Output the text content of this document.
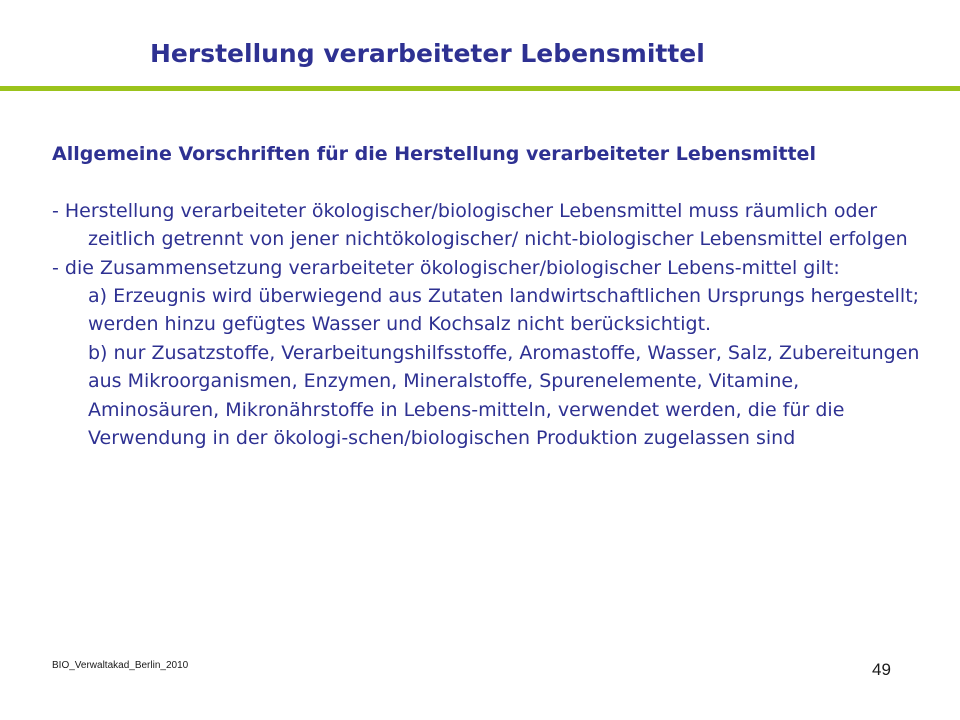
Herstellung verarbeiteter Lebensmittel

Allgemeine Vorschriften für die Herstellung verarbeiteter Lebensmittel

- Herstellung verarbeiteter ökologischer/biologischer Lebensmittel muss räumlich oder zeitlich getrennt von jener nichtökologischer/ nicht-biologischer Lebensmittel erfolgen

- die Zusammensetzung verarbeiteter ökologischer/biologischer Lebens-mittel gilt:

a) Erzeugnis wird überwiegend aus Zutaten landwirtschaftlichen Ursprungs hergestellt; werden hinzu gefügtes Wasser und Kochsalz nicht berücksichtigt.

b) nur Zusatzstoffe, Verarbeitungshilfsstoffe, Aromastoffe, Wasser, Salz, Zubereitungen aus Mikroorganismen, Enzymen, Mineralstoffe, Spurenelemente, Vitamine, Aminosäuren, Mikronährstoffe in Lebens-mitteln, verwendet werden, die für die Verwendung in der ökologi-schen/biologischen Produktion zugelassen sind

BIO_Verwaltakad_Berlin_2010	49
